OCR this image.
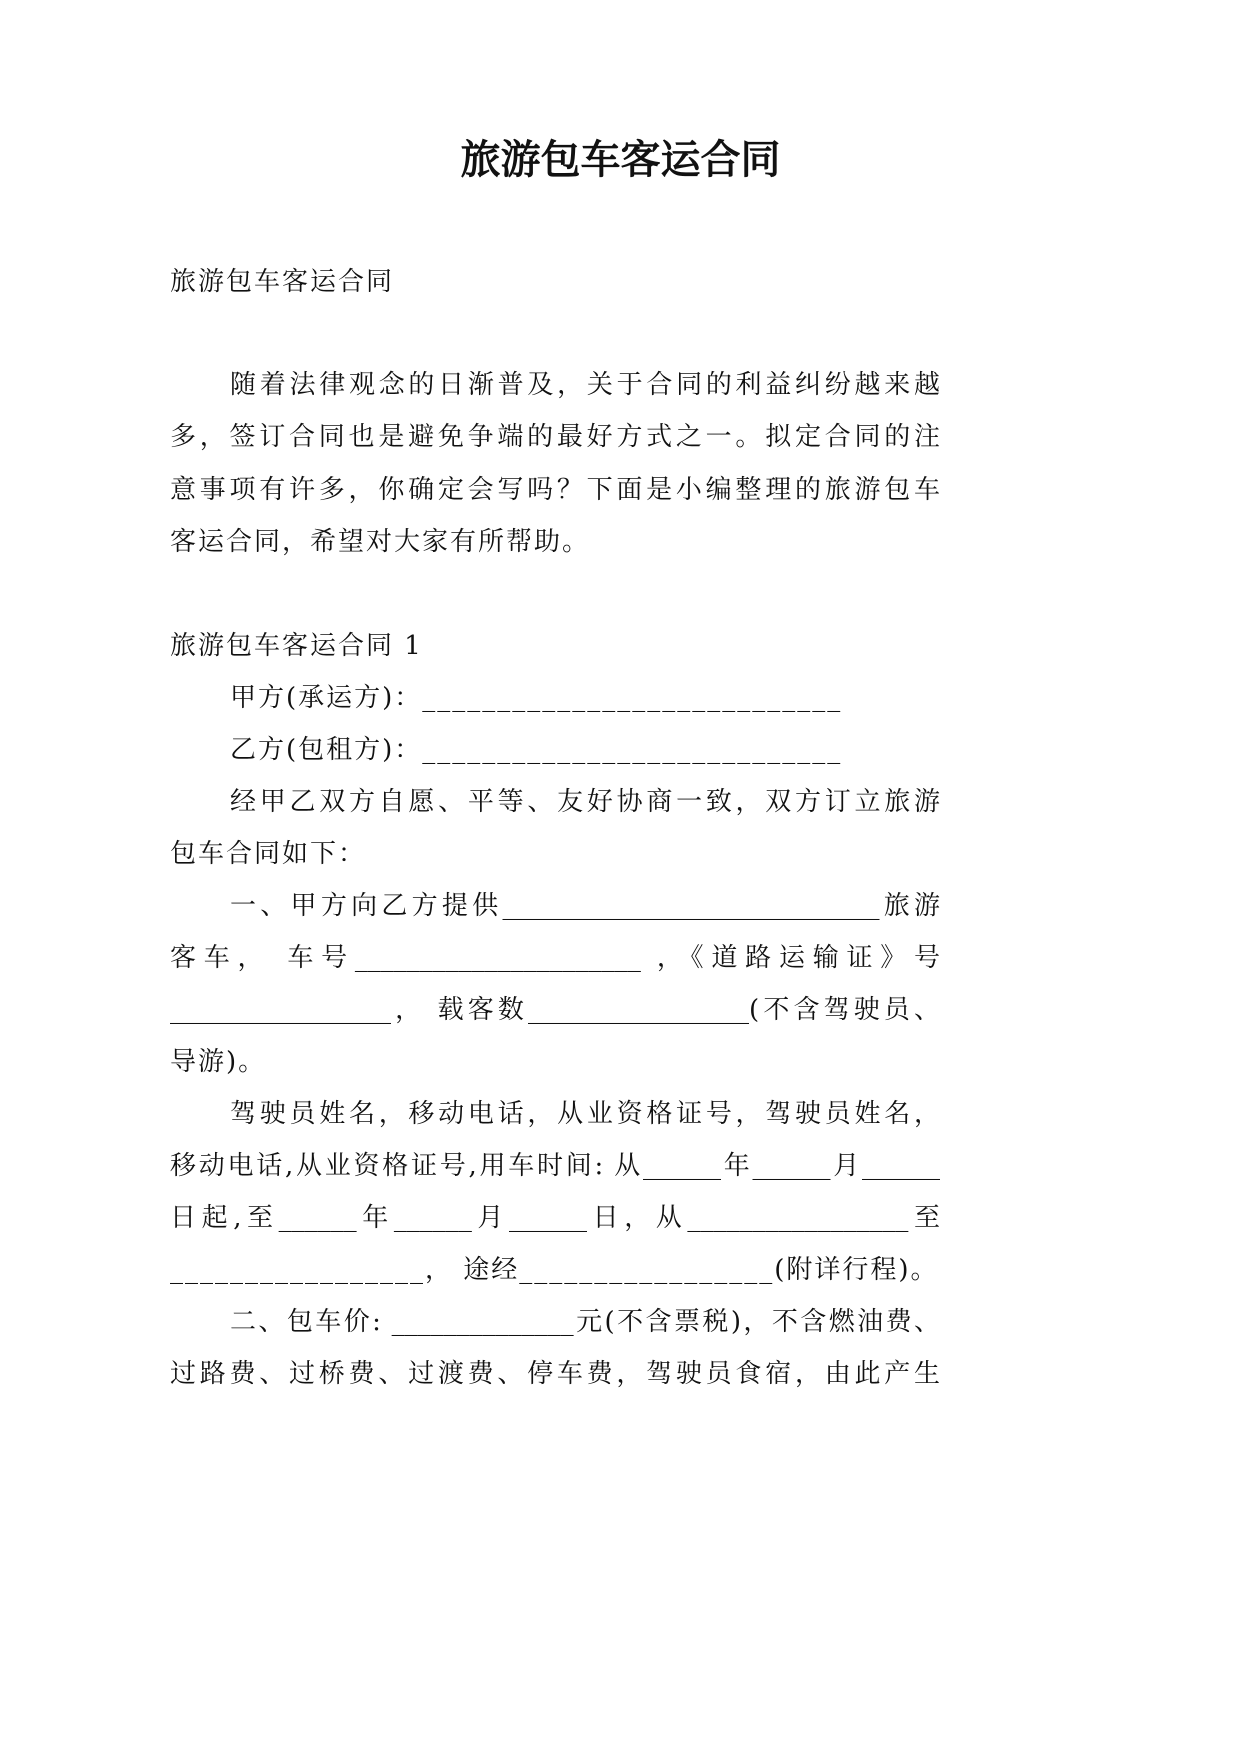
旅游包车客运合同
旅游包车客运合同
随着法律观念的日渐普及，关于合同的利益纠纷越来越
多，签订合同也是避免争端的最好方式之一。拟定合同的注
意事项有许多，你确定会写吗？下面是小编整理的旅游包车
客运合同，希望对大家有所帮助。
旅游包车客运合同 1
甲方(承运方)：____________________________
乙方(包租方)：____________________________
经甲乙双方自愿、平等、友好协商一致，双方订立旅游
包车合同如下：
一、甲方向乙方提供_____________________________旅游
客车， 车号______________________ ，《道路运输证》号
_________________， 载客数_________________(不含驾驶员、
导游)。
驾驶员姓名，移动电话，从业资格证号，驾驶员姓名，
移动电话,从业资格证号,用车时间: 从______年______月______
日起,至______年______月______日，从_________________至
_________________， 途经_________________(附详行程)。
二、包车价: ______________元(不含票税)，不含燃油费、
过路费、过桥费、过渡费、停车费，驾驶员食宿，由此产生
